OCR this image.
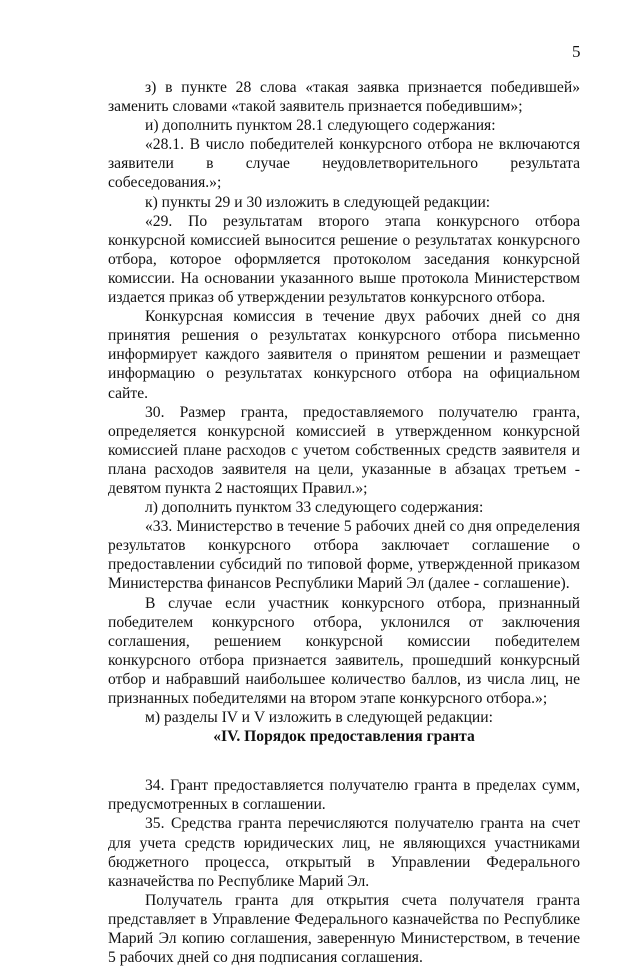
5

з) в пункте 28 слова «такая заявка признается победившей» заменить словами «такой заявитель признается победившим»;

и) дополнить пунктом 28.1 следующего содержания:

«28.1. В число победителей конкурсного отбора не включаются заявители в случае неудовлетворительного результата собеседования.»;

к) пункты 29 и 30 изложить в следующей редакции:

«29. По результатам второго этапа конкурсного отбора конкурсной комиссией выносится решение о результатах конкурсного отбора, которое оформляется протоколом заседания конкурсной комиссии. На основании указанного выше протокола Министерством издается приказ об утверждении результатов конкурсного отбора.

Конкурсная комиссия в течение двух рабочих дней со дня принятия решения о результатах конкурсного отбора письменно информирует каждого заявителя о принятом решении и размещает информацию о результатах конкурсного отбора на официальном сайте.

30. Размер гранта, предоставляемого получателю гранта, определяется конкурсной комиссией в утвержденном конкурсной комиссией плане расходов с учетом собственных средств заявителя и плана расходов заявителя на цели, указанные в абзацах третьем - девятом пункта 2 настоящих Правил.»;

л) дополнить пунктом 33 следующего содержания:

«33. Министерство в течение 5 рабочих дней со дня определения результатов конкурсного отбора заключает соглашение о предоставлении субсидий по типовой форме, утвержденной приказом Министерства финансов Республики Марий Эл (далее - соглашение).

В случае если участник конкурсного отбора, признанный победителем конкурсного отбора, уклонился от заключения соглашения, решением конкурсной комиссии победителем конкурсного отбора признается заявитель, прошедший конкурсный отбор и набравший наибольшее количество баллов, из числа лиц, не признанных победителями на втором этапе конкурсного отбора.»;

м) разделы IV и V изложить в следующей редакции:

«IV. Порядок предоставления гранта

34. Грант предоставляется получателю гранта в пределах сумм, предусмотренных в соглашении.

35. Средства гранта перечисляются получателю гранта на счет для учета средств юридических лиц, не являющихся участниками бюджетного процесса, открытый в Управлении Федерального казначейства по Республике Марий Эл.

Получатель гранта для открытия счета получателя гранта представляет в Управление Федерального казначейства по Республике Марий Эл копию соглашения, заверенную Министерством, в течение 5 рабочих дней со дня подписания соглашения.
